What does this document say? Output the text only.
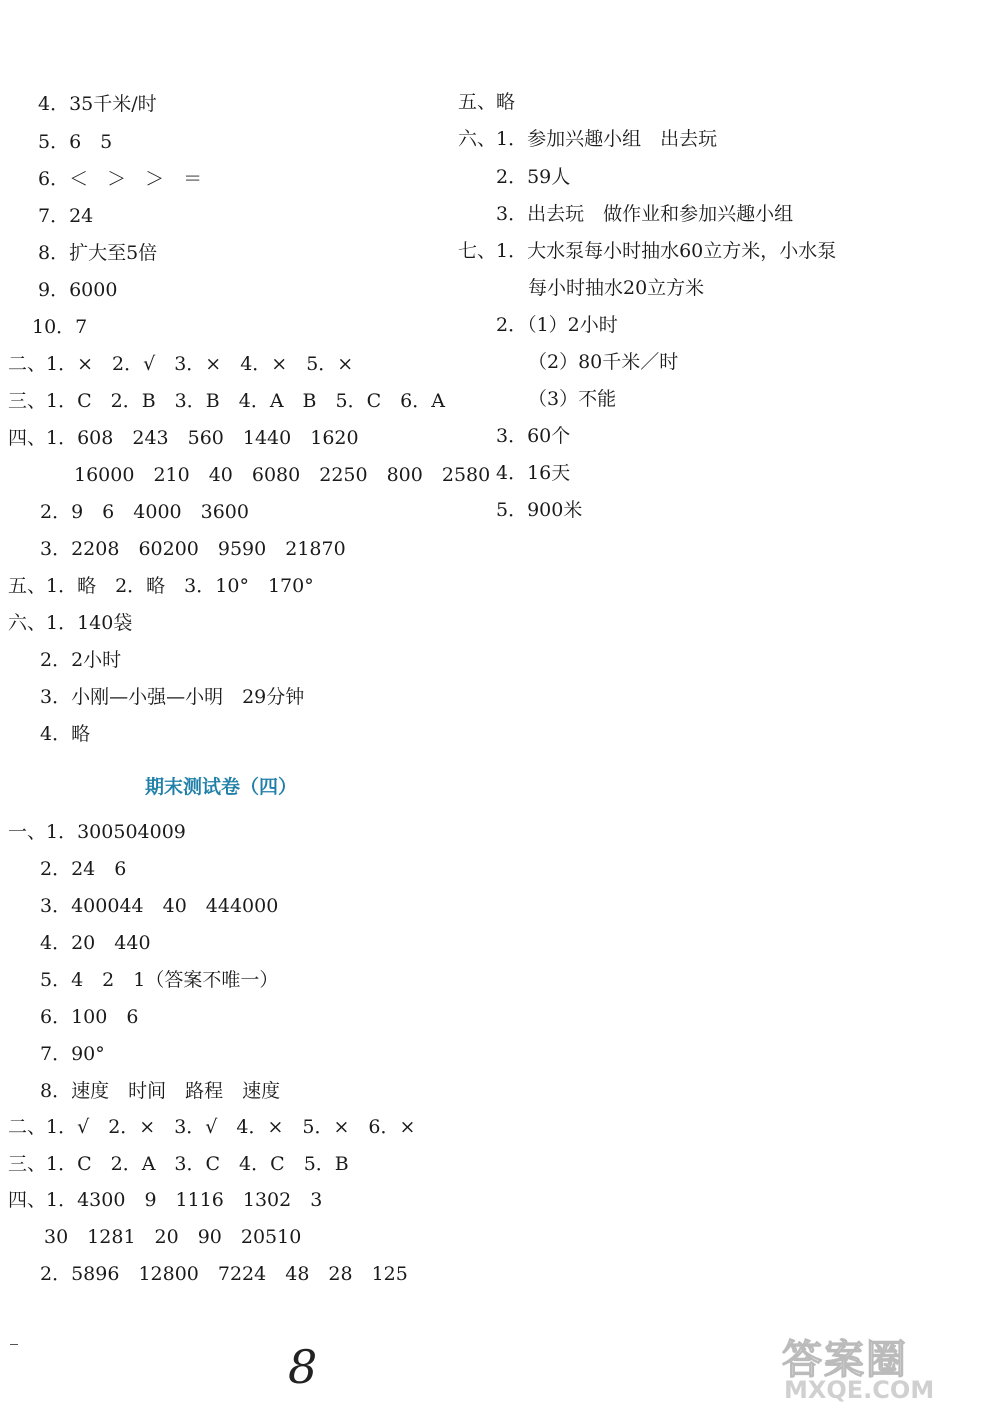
4．35千米/时
5．6　5
6．＜　＞　＞　＝
7．24
8．扩大至5倍
9．6000
10．7
二、1．×　2．√　3．×　4．×　5．×
三、1．C　2．B　3．B　4．A　B　5．C　6．A
四、1．608　243　560　1440　1620
16000　210　40　6080　2250　800　2580
2．9　6　4000　3600
3．2208　60200　9590　21870
五、1．略　2．略　3．10°　170°
六、1．140袋
2．2小时
3．小刚—小强—小明　29分钟
4．略
期末测试卷（四）
一、1．300504009
2．24　6
3．400044　40　444000
4．20　440
5．4　2　1（答案不唯一）
6．100　6
7．90°
8．速度　时间　路程　速度
二、1．√　2．×　3．√　4．×　5．×　6．×
三、1．C　2．A　3．C　4．C　5．B
四、1．4300　9　1116　1302　3
30　1281　20　90　20510
2．5896　12800　7224　48　28　125
五、略
六、1．参加兴趣小组　出去玩
2．59人
3．出去玩　做作业和参加兴趣小组
七、1．大水泵每小时抽水60立方米，小水泵
每小时抽水20立方米
2．（1）2小时
（2）80千米／时
（3）不能
3．60个
4．16天
5．900米
8	答案圈
MXQE.COM
